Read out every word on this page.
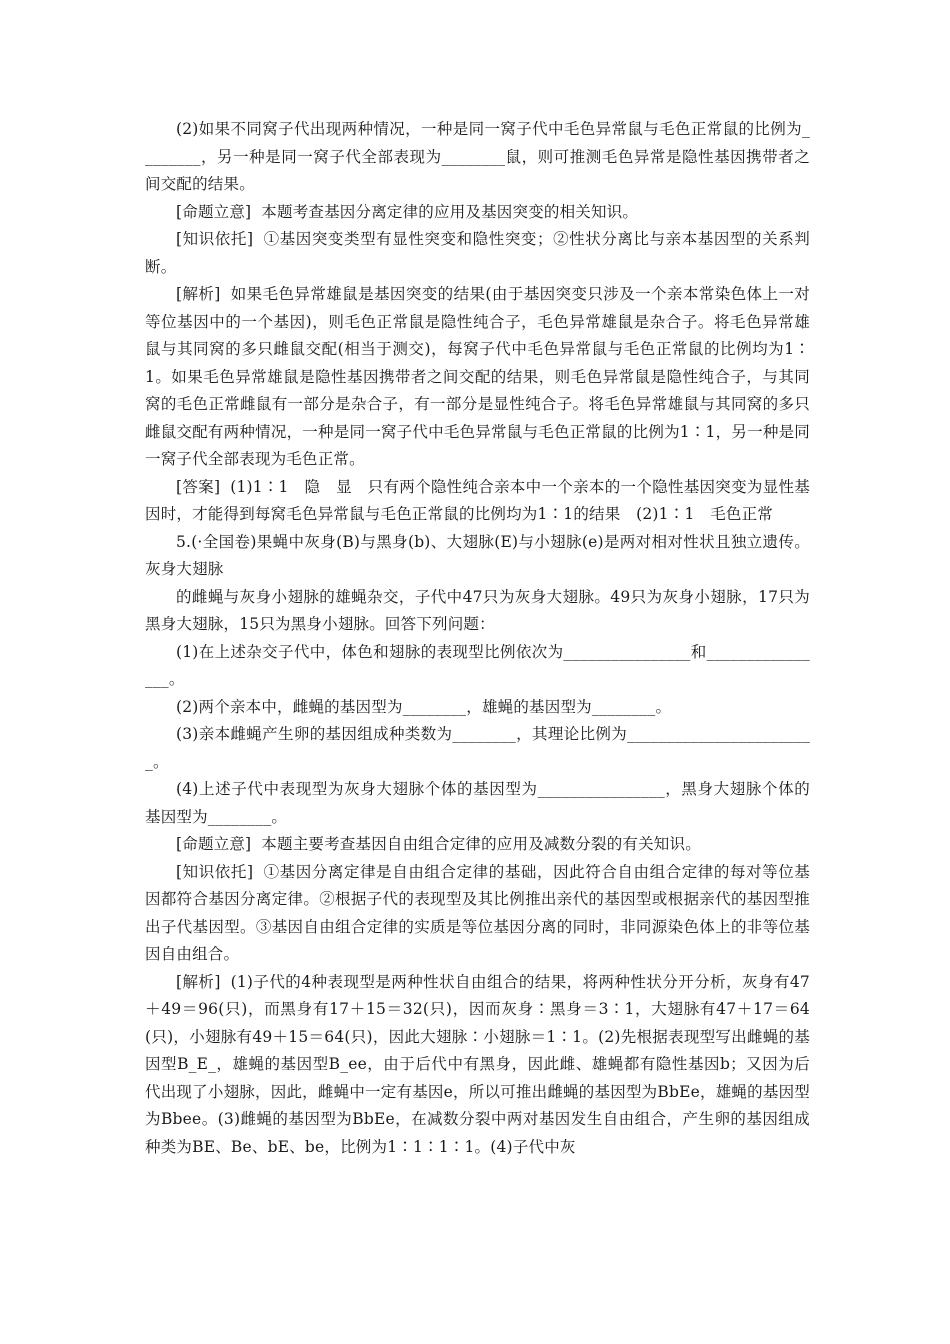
(2)如果不同窝子代出现两种情况，一种是同一窝子代中毛色异常鼠与毛色正常鼠的比例为________，另一种是同一窝子代全部表现为________鼠，则可推测毛色异常是隐性基因携带者之间交配的结果。

[命题立意] 本题考查基因分离定律的应用及基因突变的相关知识。

[知识依托] ①基因突变类型有显性突变和隐性突变；②性状分离比与亲本基因型的关系判断。

[解析] 如果毛色异常雄鼠是基因突变的结果(由于基因突变只涉及一个亲本常染色体上一对等位基因中的一个基因)，则毛色正常鼠是隐性纯合子，毛色异常雄鼠是杂合子。将毛色异常雄鼠与其同窝的多只雌鼠交配(相当于测交)，每窝子代中毛色异常鼠与毛色正常鼠的比例均为1∶1。如果毛色异常雄鼠是隐性基因携带者之间交配的结果，则毛色异常鼠是隐性纯合子，与其同窝的毛色正常雌鼠有一部分是杂合子，有一部分是显性纯合子。将毛色异常雄鼠与其同窝的多只雌鼠交配有两种情况，一种是同一窝子代中毛色异常鼠与毛色正常鼠的比例为1∶1，另一种是同一窝子代全部表现为毛色正常。

[答案] (1)1∶1　隐　显　只有两个隐性纯合亲本中一个亲本的一个隐性基因突变为显性基因时，才能得到每窝毛色异常鼠与毛色正常鼠的比例均为1∶1的结果　(2)1∶1　毛色正常

5.(·全国卷)果蝇中灰身(B)与黑身(b)、大翅脉(E)与小翅脉(e)是两对相对性状且独立遗传。灰身大翅脉

的雌蝇与灰身小翅脉的雄蝇杂交，子代中47只为灰身大翅脉。49只为灰身小翅脉，17只为黑身大翅脉，15只为黑身小翅脉。回答下列问题：

(1)在上述杂交子代中，体色和翅脉的表现型比例依次为________________和________________。

(2)两个亲本中，雌蝇的基因型为________，雄蝇的基因型为________。

(3)亲本雌蝇产生卵的基因组成种类数为________，其理论比例为________________________。

(4)上述子代中表现型为灰身大翅脉个体的基因型为________________，黑身大翅脉个体的基因型为________。

[命题立意] 本题主要考查基因自由组合定律的应用及减数分裂的有关知识。

[知识依托] ①基因分离定律是自由组合定律的基础，因此符合自由组合定律的每对等位基因都符合基因分离定律。②根据子代的表现型及其比例推出亲代的基因型或根据亲代的基因型推出子代基因型。③基因自由组合定律的实质是等位基因分离的同时，非同源染色体上的非等位基因自由组合。

[解析] (1)子代的4种表现型是两种性状自由组合的结果，将两种性状分开分析，灰身有47＋49＝96(只)，而黑身有17＋15＝32(只)，因而灰身∶黑身＝3∶1，大翅脉有47＋17＝64(只)，小翅脉有49＋15＝64(只)，因此大翅脉∶小翅脉＝1∶1。(2)先根据表现型写出雌蝇的基因型B_E_，雄蝇的基因型B_ee，由于后代中有黑身，因此雌、雄蝇都有隐性基因b；又因为后代出现了小翅脉，因此，雌蝇中一定有基因e，所以可推出雌蝇的基因型为BbEe，雄蝇的基因型为Bbee。(3)雌蝇的基因型为BbEe，在减数分裂中两对基因发生自由组合，产生卵的基因组成种类为BE、Be、bE、be，比例为1∶1∶1∶1。(4)子代中灰
